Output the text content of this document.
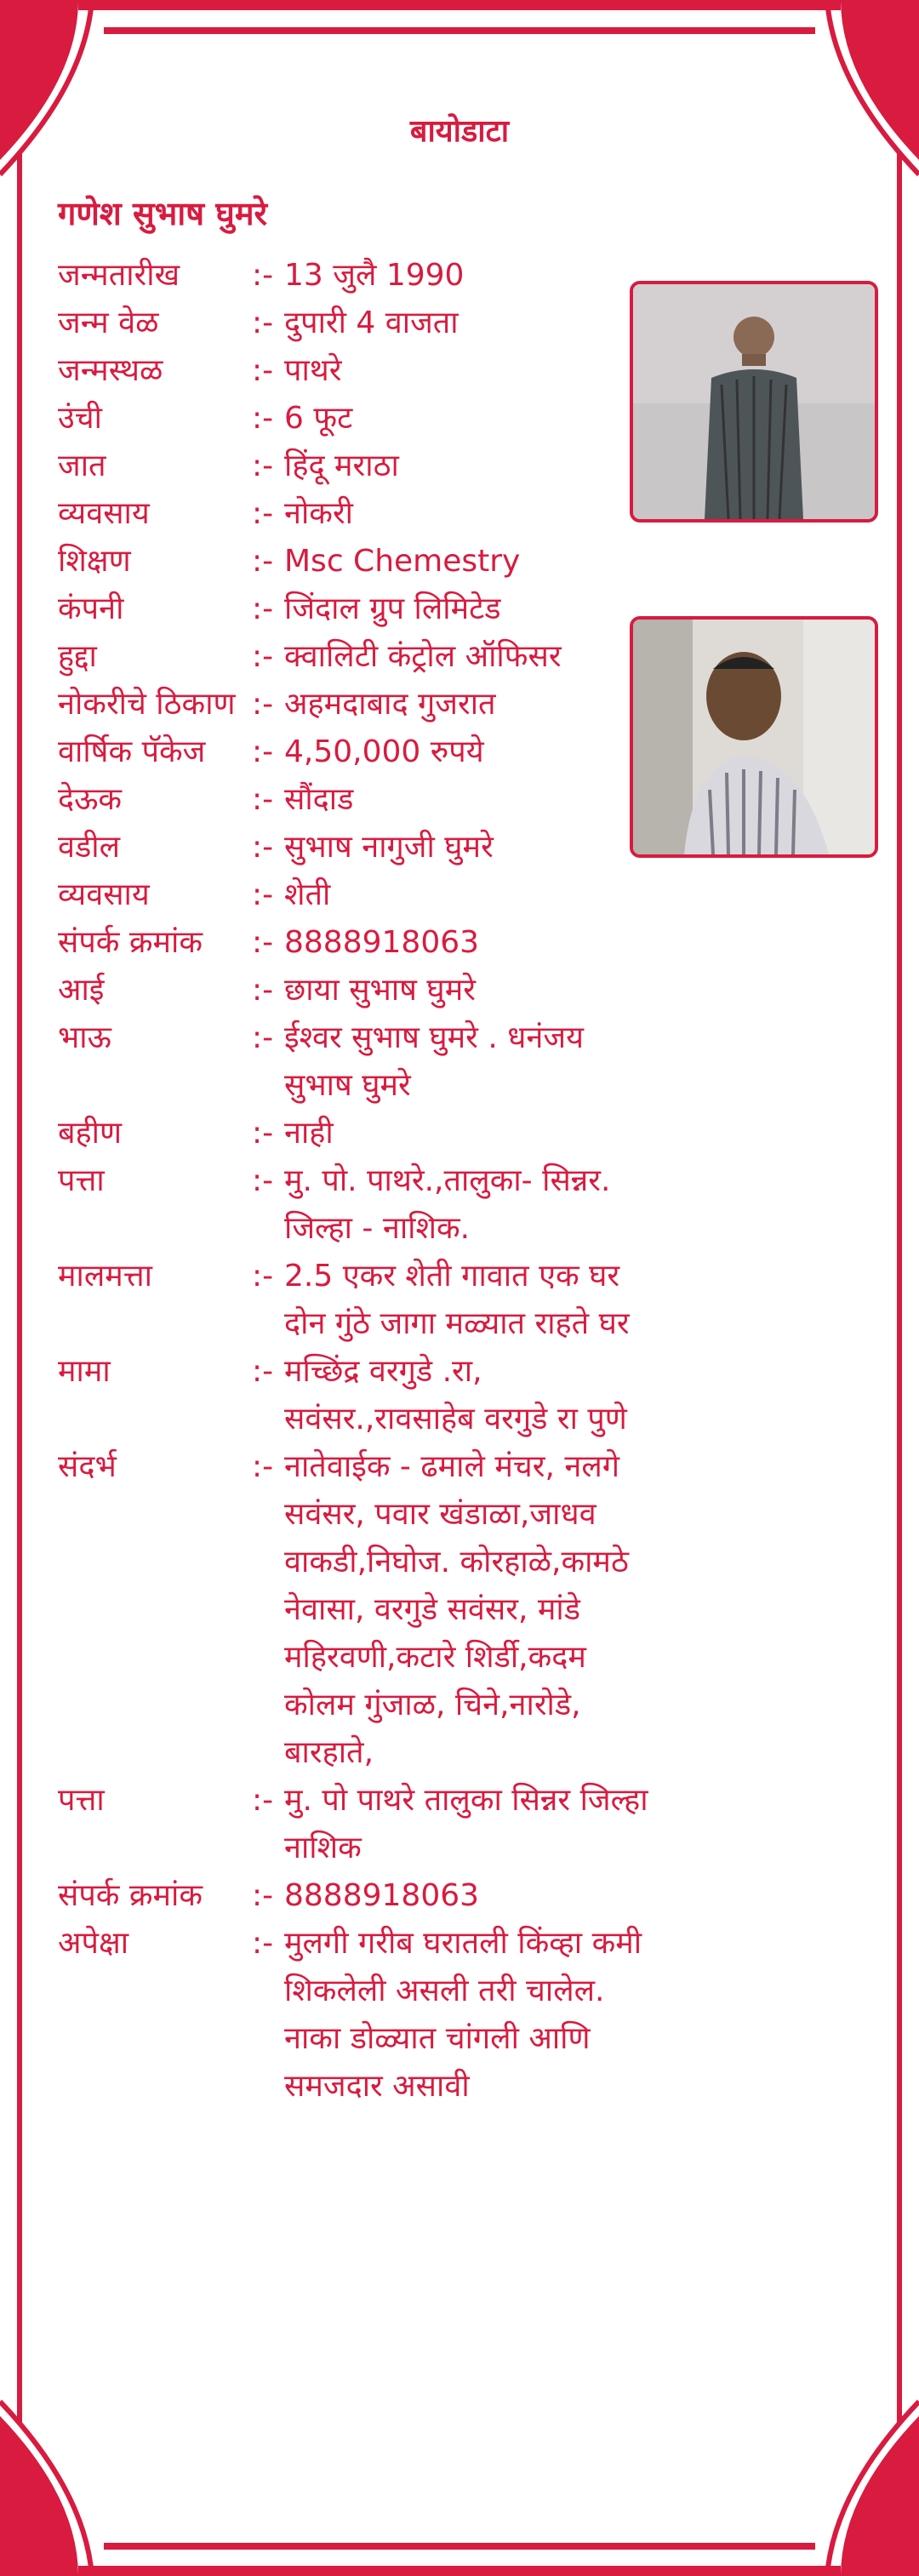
बायोडाटा
गणेश सुभाष घुमरे
जन्मतारीख	:- 13 जुलै 1990
जन्म वेळ	:- दुपारी 4 वाजता
जन्मस्थळ	:- पाथरे
उंची	:- 6 फूट
जात	:- हिंदू मराठा
व्यवसाय	:- नोकरी
शिक्षण	:- Msc Chemestry
कंपनी	:- जिंदाल ग्रुप लिमिटेड
हुद्दा	:- क्वालिटी कंट्रोल ऑफिसर
नोकरीचे ठिकाण :- अहमदाबाद गुजरात
वार्षिक पॅकेज	:- 4,50,000 रुपये
देऊक	:- सौंदाड
वडील	:- सुभाष नागुजी घुमरे
व्यवसाय	:- शेती
संपर्क क्रमांक	:- 8888918063
आई	:- छाया सुभाष घुमरे
भाऊ	:- ईश्वर सुभाष घुमरे . धनंजय सुभाष घुमरे
बहीण	:- नाही
पत्ता	:- मु. पो. पाथरे.,तालुका- सिन्नर. जिल्हा - नाशिक.
मालमत्ता	:- 2.5 एकर शेती गावात एक घर दोन गुंठे जागा मळ्यात राहते घर
मामा	:- मच्छिंद्र वरगुडे .रा, सवंसर.,रावसाहेब वरगुडे रा पुणे
संदर्भ	:- नातेवाईक - ढमाले मंचर, नलगे सवंसर, पवार खंडाळा,जाधव वाकडी,निघोज. कोरहाळे,कामठे नेवासा, वरगुडे सवंसर, मांडे महिरवणी,कटारे शिर्डी,कदम कोलम गुंजाळ, चिने,नारोडे, बारहाते,
पत्ता	:- मु. पो पाथरे तालुका सिन्नर जिल्हा नाशिक
संपर्क क्रमांक	:- 8888918063
अपेक्षा	:- मुलगी गरीब घरातली किंव्हा कमी शिकलेली असली तरी चालेल. नाका डोळ्यात चांगली आणि समजदार असावी
